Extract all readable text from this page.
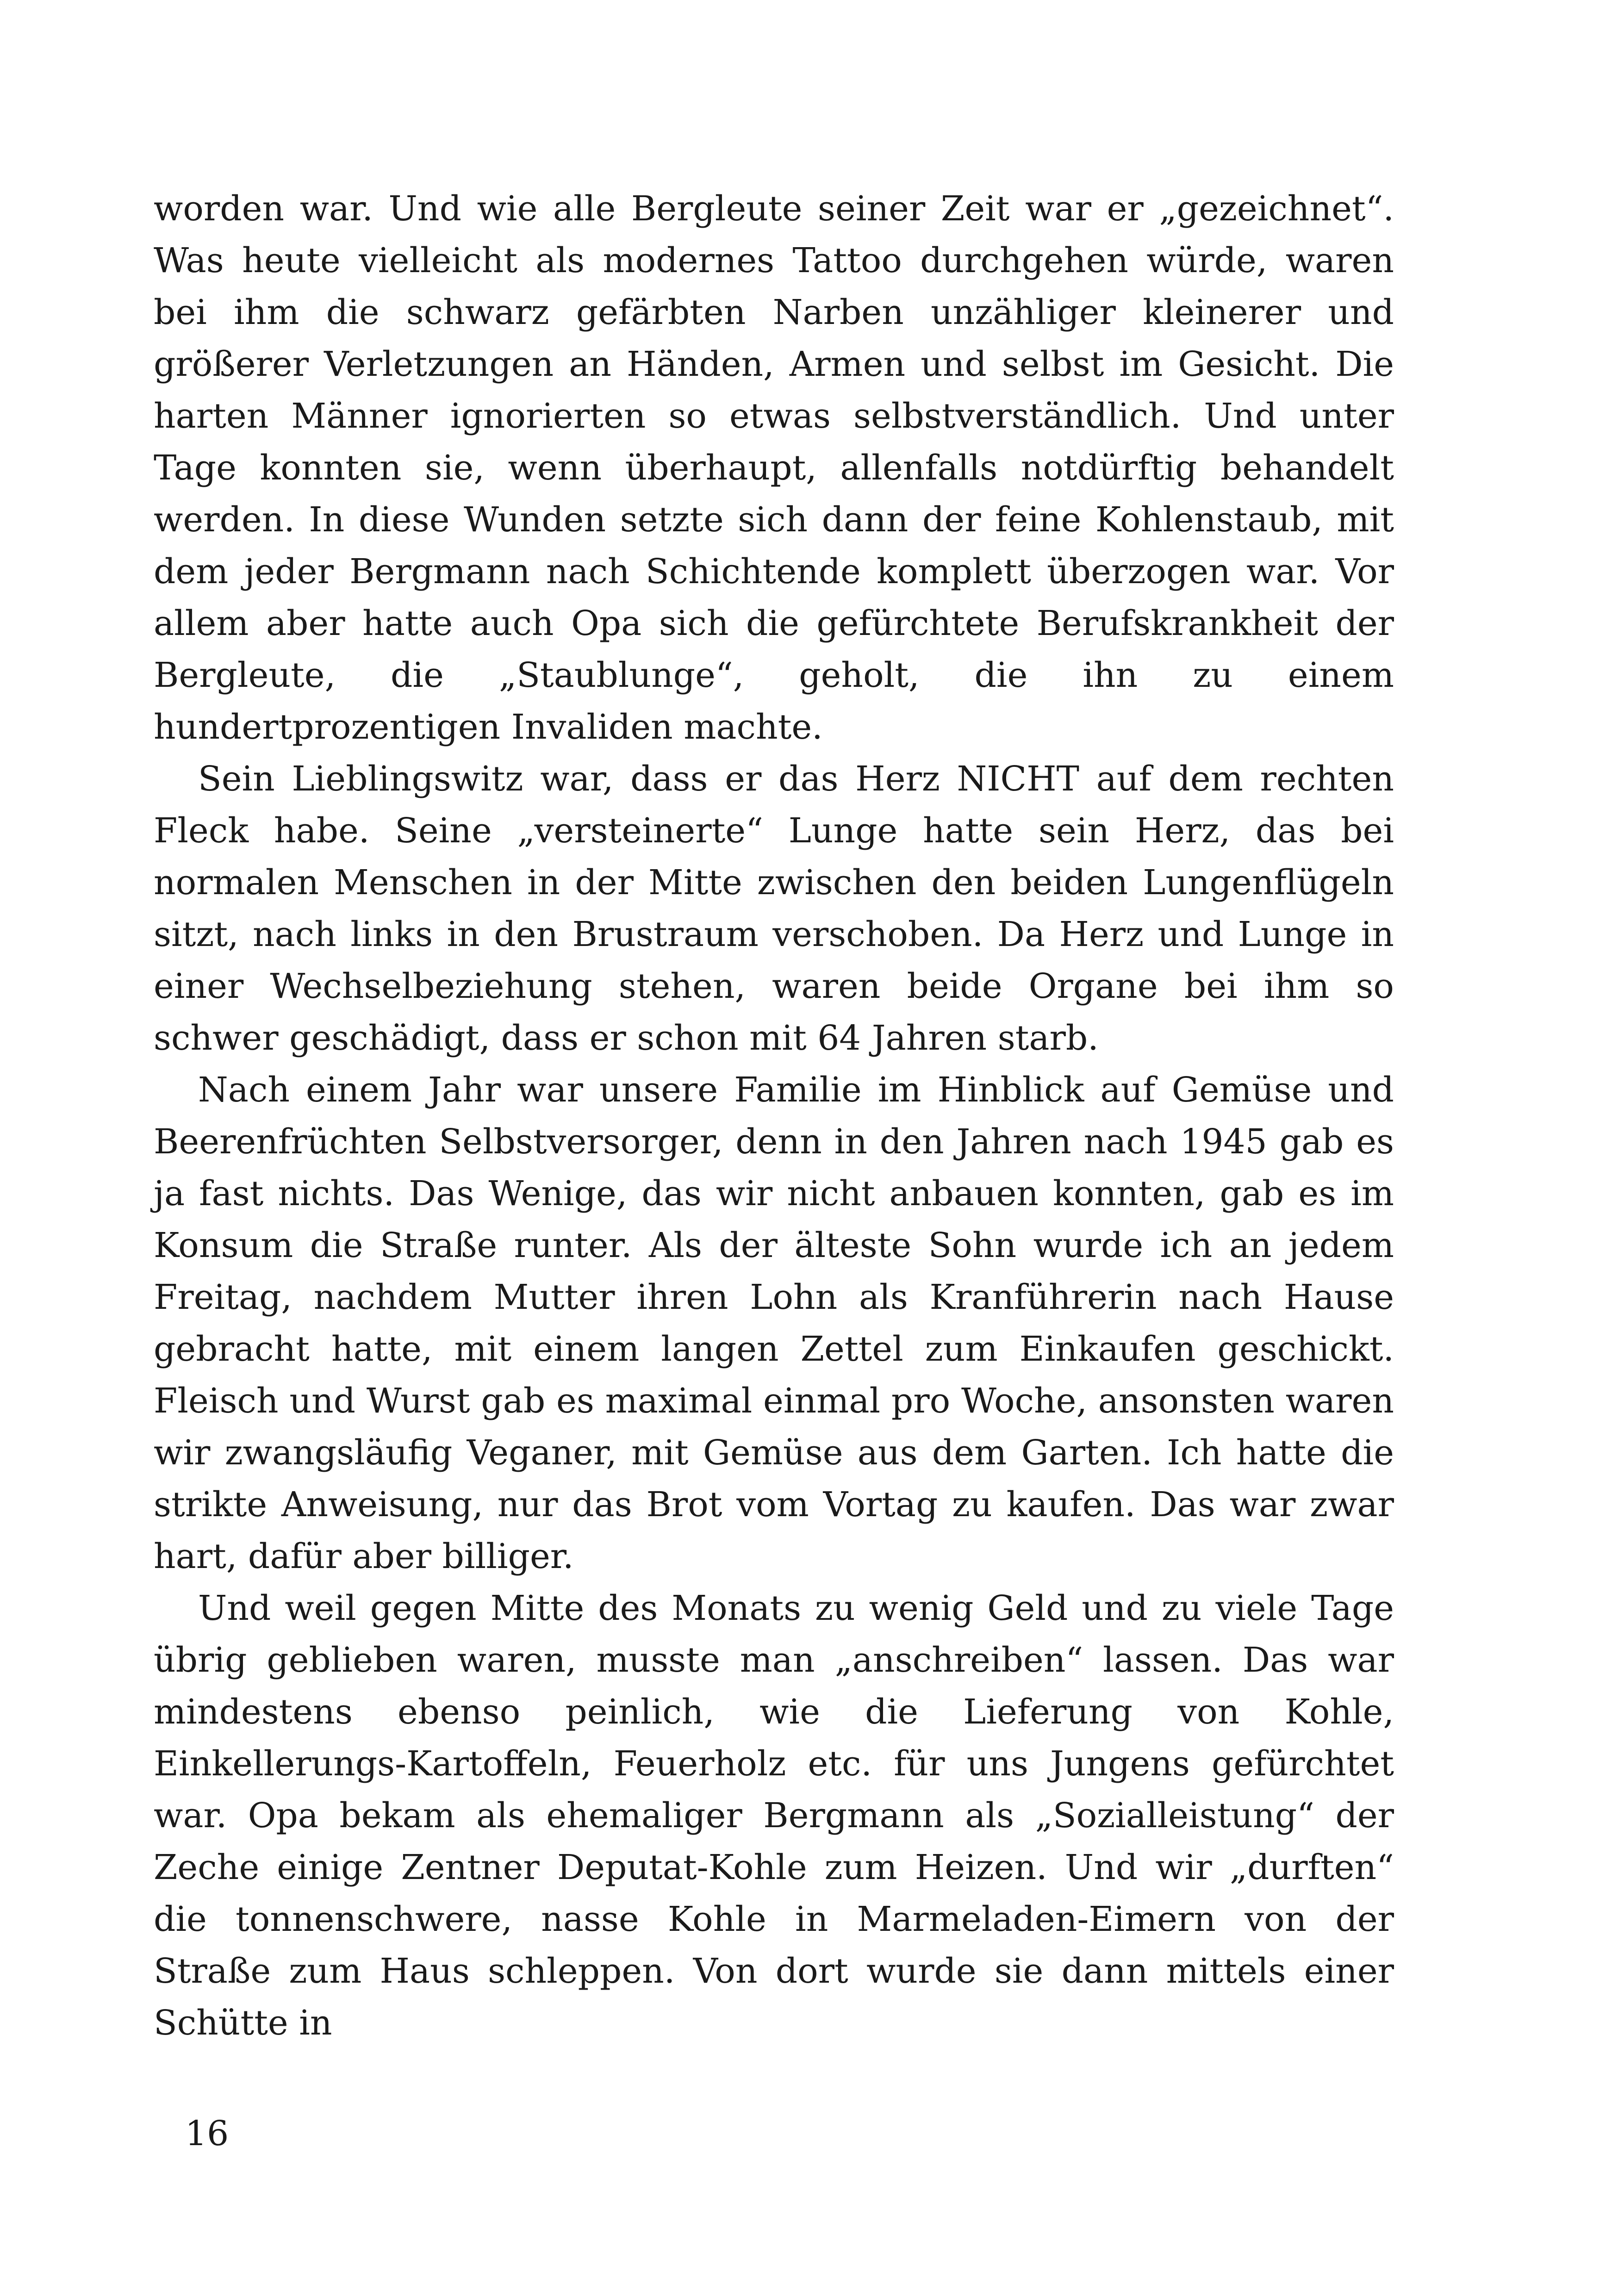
worden war. Und wie alle Bergleute seiner Zeit war er „gezeichnet“. Was heute vielleicht als modernes Tattoo durchgehen würde, waren bei ihm die schwarz gefärbten Narben unzähliger kleinerer und größerer Verletzungen an Händen, Armen und selbst im Gesicht. Die harten Männer ignorierten so etwas selbstverständlich. Und unter Tage konnten sie, wenn überhaupt, allenfalls notdürftig behandelt werden. In diese Wunden setzte sich dann der feine Kohlenstaub, mit dem jeder Bergmann nach Schichtende komplett überzogen war. Vor allem aber hatte auch Opa sich die gefürchtete Berufskrankheit der Bergleute, die „Staublunge“, geholt, die ihn zu einem hundertprozentigen Invaliden machte.

Sein Lieblingswitz war, dass er das Herz NICHT auf dem rechten Fleck habe. Seine „versteinerte“ Lunge hatte sein Herz, das bei normalen Menschen in der Mitte zwischen den beiden Lungenflügeln sitzt, nach links in den Brustraum verschoben. Da Herz und Lunge in einer Wechselbeziehung stehen, waren beide Organe bei ihm so schwer geschädigt, dass er schon mit 64 Jahren starb.

Nach einem Jahr war unsere Familie im Hinblick auf Gemüse und Beerenfrüchten Selbstversorger, denn in den Jahren nach 1945 gab es ja fast nichts. Das Wenige, das wir nicht anbauen konnten, gab es im Konsum die Straße runter. Als der älteste Sohn wurde ich an jedem Freitag, nachdem Mutter ihren Lohn als Kranführerin nach Hause gebracht hatte, mit einem langen Zettel zum Einkaufen geschickt. Fleisch und Wurst gab es maximal einmal pro Woche, ansonsten waren wir zwangsläufig Veganer, mit Gemüse aus dem Garten. Ich hatte die strikte Anweisung, nur das Brot vom Vortag zu kaufen. Das war zwar hart, dafür aber billiger.

Und weil gegen Mitte des Monats zu wenig Geld und zu viele Tage übrig geblieben waren, musste man „anschreiben“ lassen. Das war mindestens ebenso peinlich, wie die Lieferung von Kohle, Einkellerungs-Kartoffeln, Feuerholz etc. für uns Jungens gefürchtet war. Opa bekam als ehemaliger Bergmann als „Sozialleistung“ der Zeche einige Zentner Deputat-Kohle zum Heizen. Und wir „durften“ die tonnenschwere, nasse Kohle in Marmeladen-Eimern von der Straße zum Haus schleppen. Von dort wurde sie dann mittels einer Schütte in

16
